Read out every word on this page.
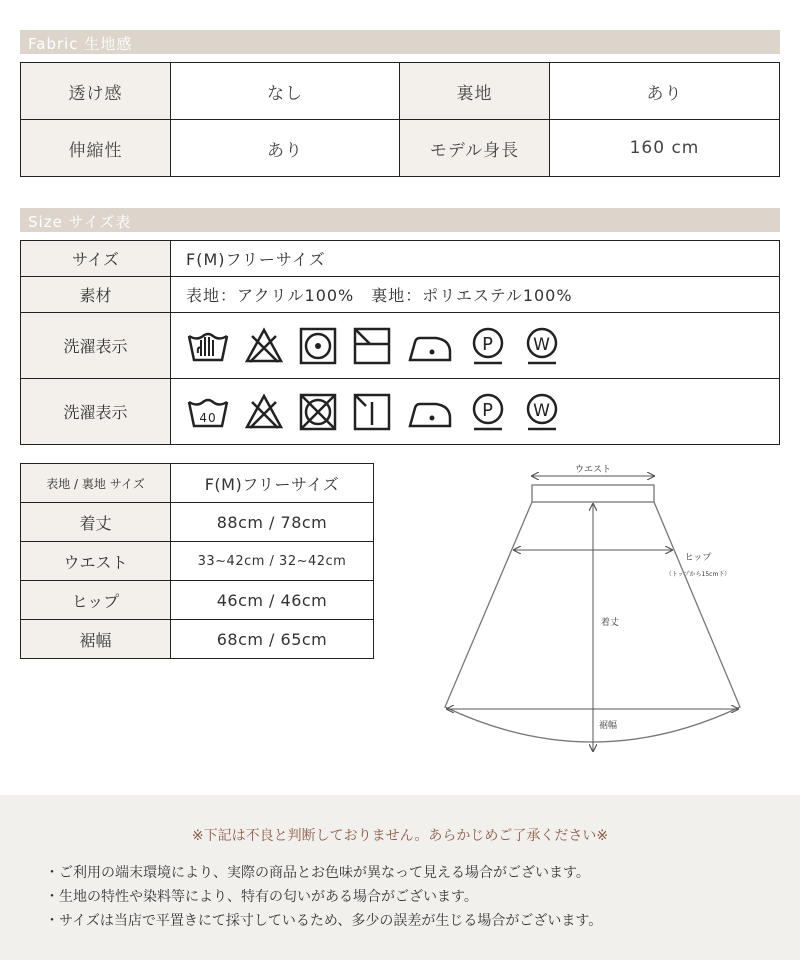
Fabric 生地感
透け感	なし	裏地	あり
伸縮性	あり	モデル身長	160 cm
Size サイズ表
サイズ	F(M)フリーサイズ
素材	表地：アクリル100%　裏地：ポリエステル100%
洗濯表示	P W

洗濯表示	40 P W
表地 / 裏地 サイズ	F(M)フリーサイズ
着丈	88cm / 78cm
ウエスト	33~42cm / 32~42cm
ヒップ	46cm / 46cm
裾幅	68cm / 65cm
ウエスト
ヒップ
（トップから15cm下）
着丈
裾幅
※下記は不良と判断しておりません。あらかじめご了承ください※
・ご利用の端末環境により、実際の商品とお色味が異なって見える場合がございます。
・生地の特性や染料等により、特有の匂いがある場合がございます。
・サイズは当店で平置きにて採寸しているため、多少の誤差が生じる場合がございます。
